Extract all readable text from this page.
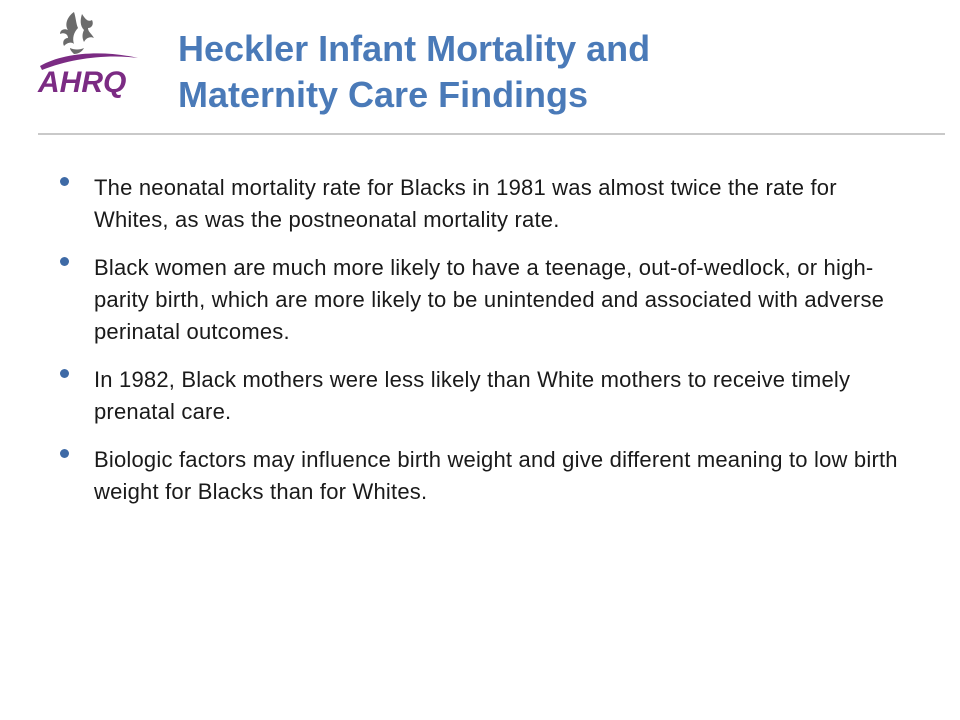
AHRQ
Heckler Infant Mortality and
Maternity Care Findings
The neonatal mortality rate for Blacks in 1981 was almost twice the rate for Whites, as was the postneonatal mortality rate.
Black women are much more likely to have a teenage, out-of-wedlock, or high-parity birth, which are more likely to be unintended and associated with adverse perinatal outcomes.
In 1982, Black mothers were less likely than White mothers to receive timely prenatal care.
Biologic factors may influence birth weight and give different meaning to low birth weight for Blacks than for Whites.
